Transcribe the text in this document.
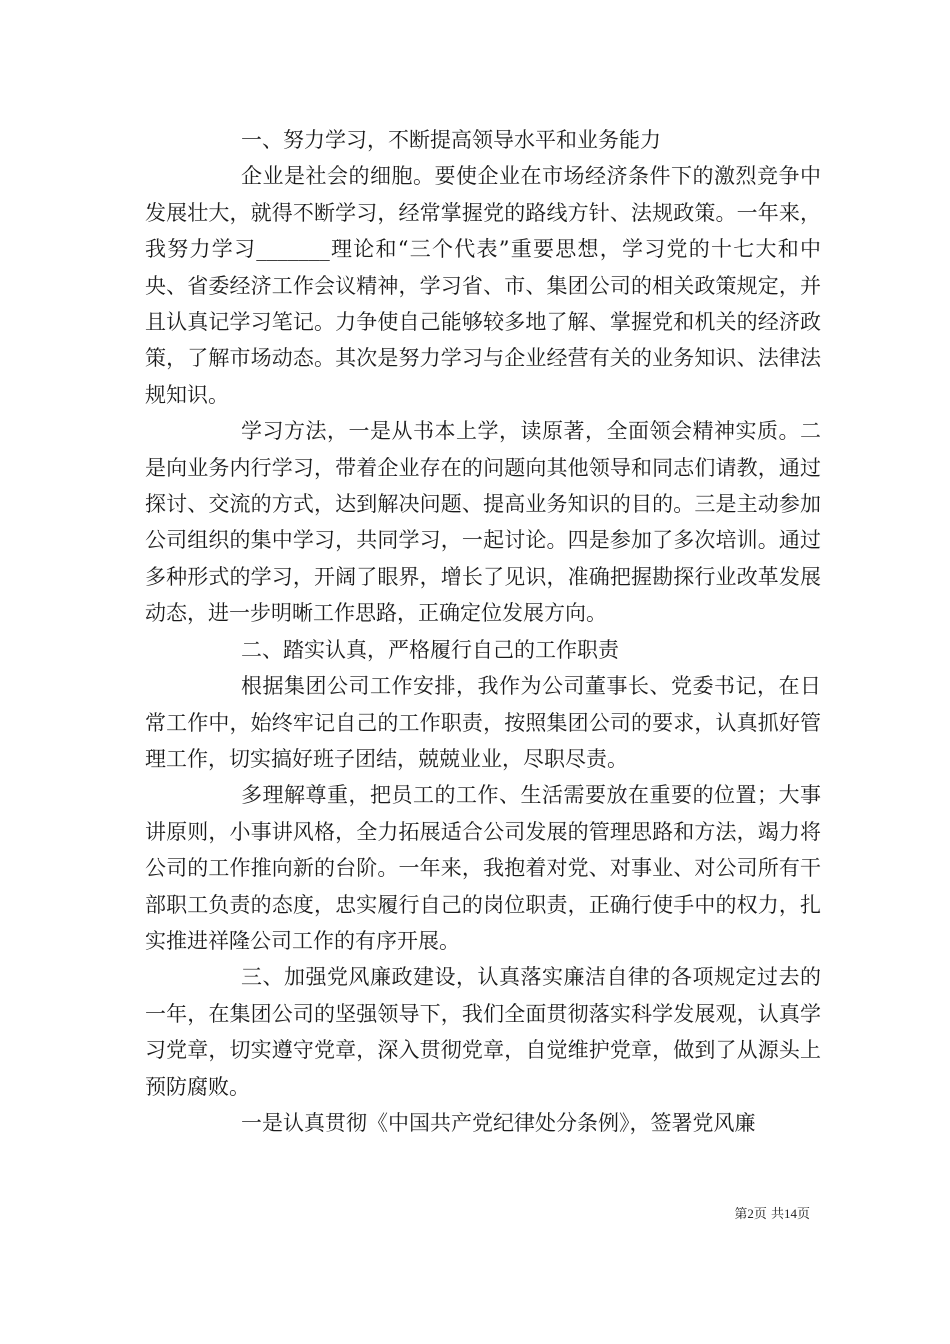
一、努力学习，不断提高领导水平和业务能力

企业是社会的细胞。要使企业在市场经济条件下的激烈竞争中发展壮大，就得不断学习，经常掌握党的路线方针、法规政策。一年来，我努力学习_______理论和“三个代表”重要思想，学习党的十七大和中央、省委经济工作会议精神，学习省、市、集团公司的相关政策规定，并且认真记学习笔记。力争使自己能够较多地了解、掌握党和机关的经济政策，了解市场动态。其次是努力学习与企业经营有关的业务知识、法律法规知识。

学习方法，一是从书本上学，读原著，全面领会精神实质。二是向业务内行学习，带着企业存在的问题向其他领导和同志们请教，通过探讨、交流的方式，达到解决问题、提高业务知识的目的。三是主动参加公司组织的集中学习，共同学习，一起讨论。四是参加了多次培训。通过多种形式的学习，开阔了眼界，增长了见识，准确把握勘探行业改革发展动态，进一步明晰工作思路，正确定位发展方向。

二、踏实认真，严格履行自己的工作职责

根据集团公司工作安排，我作为公司董事长、党委书记，在日常工作中，始终牢记自己的工作职责，按照集团公司的要求，认真抓好管理工作，切实搞好班子团结，兢兢业业，尽职尽责。

多理解尊重，把员工的工作、生活需要放在重要的位置；大事讲原则，小事讲风格，全力拓展适合公司发展的管理思路和方法，竭力将公司的工作推向新的台阶。一年来，我抱着对党、对事业、对公司所有干部职工负责的态度，忠实履行自己的岗位职责，正确行使手中的权力，扎实推进祥隆公司工作的有序开展。

三、加强党风廉政建设，认真落实廉洁自律的各项规定过去的一年，在集团公司的坚强领导下，我们全面贯彻落实科学发展观，认真学习党章，切实遵守党章，深入贯彻党章，自觉维护党章，做到了从源头上预防腐败。

一是认真贯彻《中国共产党纪律处分条例》，签署党风廉

第2页 共14页
